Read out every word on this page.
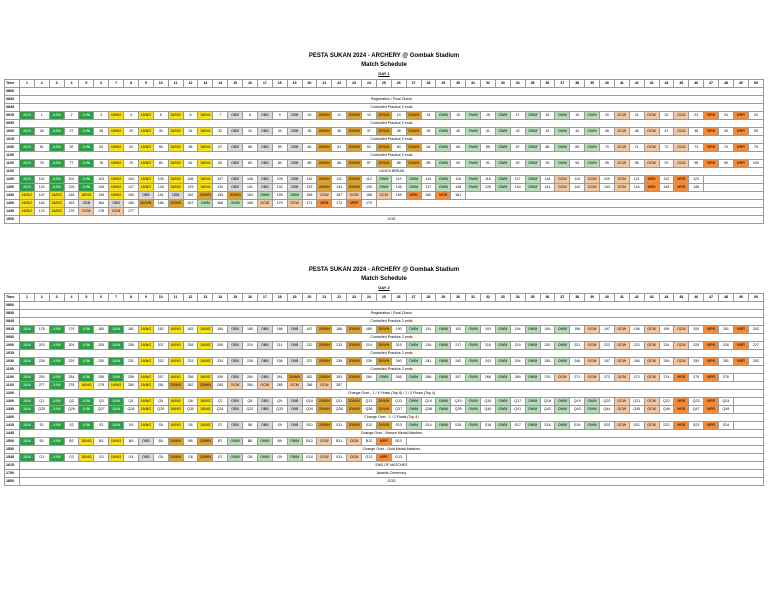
PESTA SUKAN 2024 - ARCHERY @ Gombak Stadium
Match Schedule
DAY 1
Time	1	2	3	4	5	6	7	8	9	10	11	12	13	14	15	16	17	18	19	20	21	22	23	24	25	26	27	28	29	30	31	32	33	34	35	36	37	38	39	40	41	42	43	44	45	46	47	48	49	50
0800																																																		
0830	Registration / Final Check																																																	
0845	Controlled Practice 2 ends																																																	
0915	JUNI	1	JUNI	2	JUNI	3	16/NG	4	16/NG	5	16/NG	6	16/NG	7	OBB	8	OBB	9	OBB	10	20/WN	11	20/WN	12	20/WN	13	20/WN	14	OWM	15	OWM	16	OWM	17	OWM	18	OWM	19	OWM	20	OCW	21	OCW	22	OCM	23	MRB	24	MRR	25
0930	Controlled Practice 2 ends																																																	
1000	JUNI	26	JUNI	27	JUNI	28	16/NG	29	16/NG	30	16/NG	31	16/NG	32	OBB	33	OBB	34	OBB	35	20/WN	36	20/WN	37	20/WN	38	20/WN	39	OWM	40	OWM	41	OWM	42	OWM	43	OWM	44	OWM	45	OCW	46	OCW	47	OCM	48	MRB	49	MRR	50
1015	Controlled Practice 2 ends																																																	
1030	JUNI	51	JUNI	52	JUNI	53	16/NG	54	16/NG	55	16/NG	56	16/NG	57	OBB	58	OBB	59	OBB	60	20/WN	61	20/WN	62	20/WN	63	20/WN	64	OWM	65	OWM	66	OWM	67	OWM	68	OWM	69	OWM	70	OCW	71	OCW	72	OCM	73	MRB	74	MRR	75
1105	Controlled Practice 2 ends																																																	
1100	JUNI	76	JUNI	77	JUNI	78	16/NG	79	16/NG	80	16/NG	81	16/NG	82	OBB	83	OBB	84	OBB	85	20/WN	86	20/WN	87	20/WN	88	20/WN	89	OWM	90	OWM	91	OWM	92	OWM	93	OWM	94	OWM	95	OCW	96	OCW	97	OCM	98	MRB	99	MRR	100
1130	LUNCH BREAK																																																	
1200	JUNI	101	JUNI	102	JUNI	103	16/NG	104	16/NG	105	16/NG	106	16/NG	107	OBB	108	OBB	109	OBB	110	20/WN	111	20/WN	112	OWM	113	OWM	114	OWM	115	OWM	116	OWM	117	OWM	118	OCW	119	OCW	120	OCM	121	MRB	122	MRR	123				
1300	JUNI	124	JUNI	125	JUNI	126	16/NG	127	16/NG	128	16/NG	129	16/NG	130	OBB	131	OBB	132	OBB	133	20/WN	134	20/WN	135	OWM	136	OWM	137	OWM	138	OWM	139	OWM	140	OWM	141	OCW	142	OCW	143	OCM	144	MRB	145	MRR	146				
1330	16/NG	147	16/NG	148	16/NG	149	16/NG	150	OBB	151	OBB	152	20/WN	153	20/WN	154	OWM	155	OWM	156	OCW	157	OCW	158	OCM	159	MRB	160	MRR	161																				
1400	16/NG	162	16/NG	163	OBB	164	OBB	165	20/WN	166	20/WN	167	OWM	168	OWM	169	OCW	170	OCW	171	MRB	172	MRR	173																										
1430	16/NG	174	16/NG	175	OCW	176	OCM	177																																										
1500	GOD																																																	
PESTA SUKAN 2024 - ARCHERY @ Gombak Stadium
Match Schedule
DAY 2
Time	1	2	3	4	5	6	7	8	9	10	11	12	13	14	15	16	17	18	19	20	21	22	23	24	25	26	27	28	29	30	31	32	33	34	35	36	37	38	39	40	41	42	43	44	45	46	47	48	49	50
0800																																																		
0830	Registration / Final Check																																																	
0845	Controlled Practice 2 ends																																																	
0915	JUNI	178	JUNI	179	JUNI	180	JUNI	181	16/NG	182	16/NG	183	16/NG	184	OBB	185	OBB	186	OBB	187	20/WN	188	20/WN	189	20/WN	190	OWM	191	OWM	192	OWM	193	OWM	194	OWM	195	OWM	196	OCW	197	OCW	198	OCM	199	OCM	200	MRB	201	MRR	202
0930	Controlled Practice 2 ends																																																	
1000	JUNI	203	JUNI	204	JUNI	205	JUNI	206	16/NG	207	16/NG	208	16/NG	209	OBB	210	OBB	211	OBB	212	20/WN	213	20/WN	214	20/WN	215	OWM	216	OWM	217	OWM	218	OWM	219	OWM	220	OWM	221	OCW	222	OCW	223	OCM	224	OCM	225	MRB	226	MRR	227
1015	Controlled Practice 2 ends																																																	
1030	JUNI	228	JUNI	229	JUNI	230	JUNI	231	16/NG	232	16/NG	233	16/NG	234	OBB	235	OBB	236	OBB	237	20/WN	238	20/WN	239	20/WN	240	OWM	241	OWM	242	OWM	243	OWM	244	OWM	245	OWM	246	OCW	247	OCW	248	OCM	249	OCM	250	MRB	251	MRR	252
1105	Controlled Practice 2 ends																																																	
1100	JUNI	253	JUNI	254	JUNI	255	JUNI	256	16/NG	257	16/NG	258	16/NG	259	OBB	260	OBB	261	20/WN	262	20/WN	263	20/WN	264	OWM	265	OWM	266	OWM	267	OWM	268	OWM	269	OWM	270	OCW	271	OCW	272	OCM	273	OCM	274	MRB	275	MRR	276		
1130	JUNI	277	JUNI	278	16/NG	279	16/NG	280	16/NG	281	20/WN	282	20/WN	283	OCW	284	OCW	285	OCM	286	OCM	287																												
1200	Change Over - 1 / 4 Finals (Top 8) / 1 / 2 Finals (Top 4)																																																	
1300	JUNI	Q1	JUNI	Q2	JUNI	Q3	JUNI	Q4	16/NG	Q5	16/NG	Q6	16/NG	Q7	OBB	Q8	OBB	Q9	OBB	Q10	20/WN	Q11	20/WN	Q12	20/WN	Q13	OWM	Q14	OWM	Q15	OWM	Q16	OWM	Q17	OWM	Q18	OWM	Q19	OWM	Q20	OCW	Q21	OCM	Q22	MRB	Q23	MRR	Q24		
1330	JUNI	Q25	JUNI	Q26	JUNI	Q27	JUNI	Q28	16/NG	Q29	16/NG	Q30	16/NG	Q31	OBB	Q32	OBB	Q33	OBB	Q34	20/WN	Q35	20/WN	Q36	20/WN	Q37	OWM	Q38	OWM	Q39	OWM	Q40	OWM	Q41	OWM	Q42	OWM	Q43	OWM	Q44	OCW	Q45	OCM	Q46	MRB	Q47	MRR	Q48		
1400	Change Over - 1 / 2 Finals (Top 4)																																																	
1415	JUNI	S1	JUNI	S2	JUNI	S3	JUNI	S4	16/NG	S5	16/NG	S6	16/NG	S7	OBB	S8	OBB	S9	OBB	S10	20/WN	S11	20/WN	S12	20/WN	S13	OWM	S14	OWM	S15	OWM	S16	OWM	S17	OWM	S18	OWM	S19	OWM	S20	OCW	S21	OCM	S22	MRB	S23	MRR	S24		
1445	Change Over - Bronze Medal Matches																																																	
1500	JUNI	B1	JUNI	B2	16/NG	B3	16/NG	B4	OBB	B5	20/WN	B6	20/WN	B7	OWM	B8	OWM	B9	OWM	B10	OCW	B11	OCM	B12	MRR	B13																								
1530	Change Over - Gold Medal Matches																																																	
1545	JUNI	G1	JUNI	G2	16/NG	G3	16/NG	G4	OBB	G5	20/WN	G6	20/WN	G7	OWM	G8	OWM	G9	OWM	G10	OCW	G11	OCM	G12	MRR	G13																								
1615	END OF MATCHES																																																	
1700	Awards Ceremony																																																	
1800	GOD																																																	
